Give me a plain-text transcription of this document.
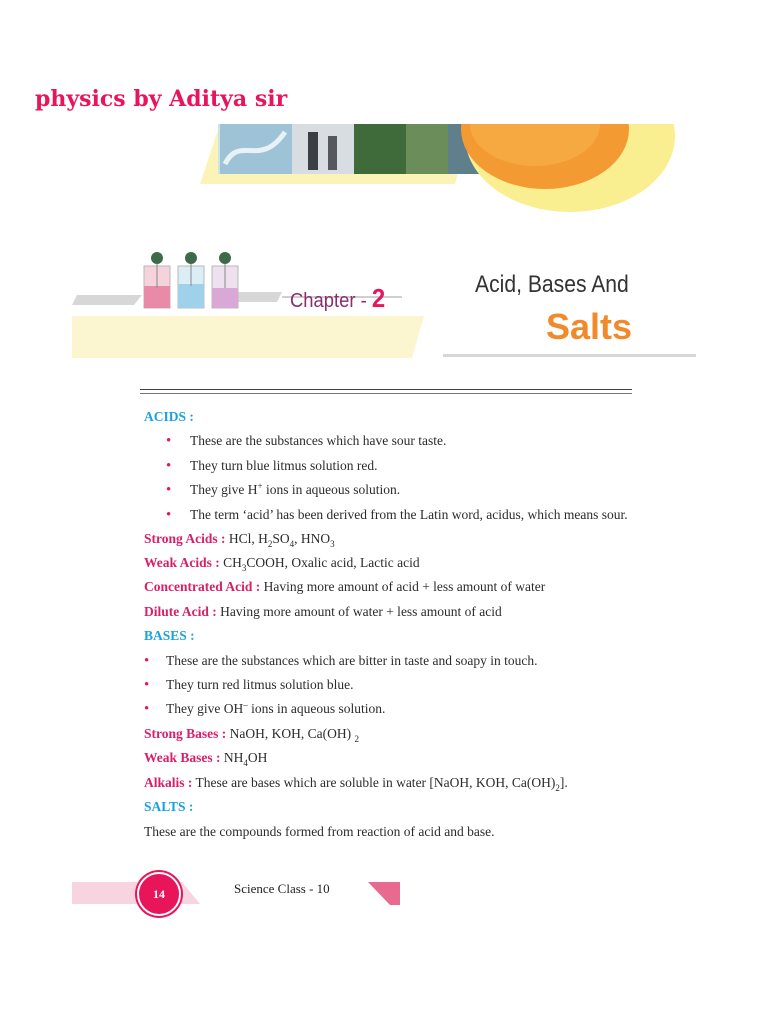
physics by Aditya sir
Chapter - 2	Acid, Bases And
Salts

ACIDS :

• These are the substances which have sour taste.

• They turn blue litmus solution red.

• They give H+ ions in aqueous solution.

• The term ‘acid’ has been derived from the Latin word, acidus, which means sour.

Strong Acids : HCl, $H_2SO_4$, $HNO_3$

Weak Acids : $CH_3COOH$, Oxalic acid, Lactic acid

Concentrated Acid : Having more amount of acid + less amount of water

Dilute Acid : Having more amount of water + less amount of acid

BASES :

• These are the substances which are bitter in taste and soapy in touch.

• They turn red litmus solution blue.

• They give OH– ions in aqueous solution.

Strong Bases : NaOH, KOH, Ca(OH) $_2$

Weak Bases : $NH_4OH$

Alkalis : These are bases which are soluble in water [NaOH, KOH, $Ca(OH)_2$].

SALTS :

These are the compounds formed from reaction of acid and base.

14	Science Class - 10
